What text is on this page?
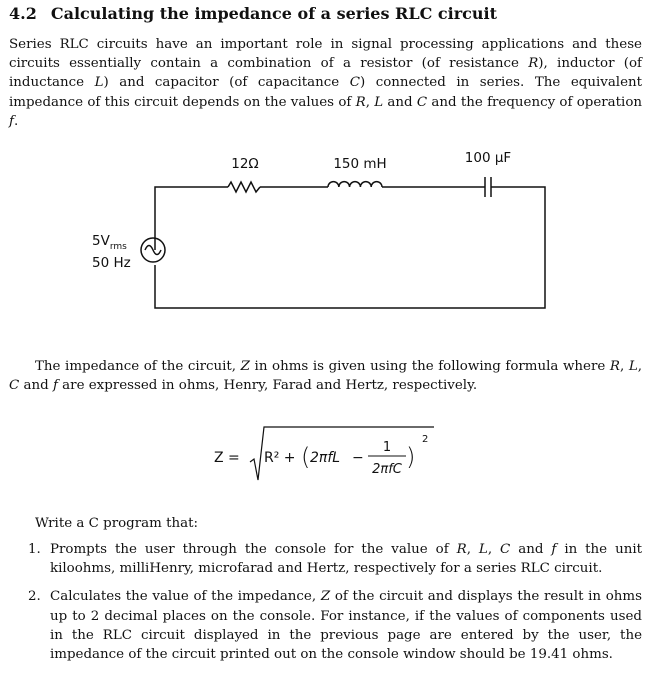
4.2 Calculating the impedance of a series RLC circuit

Series RLC circuits have an important role in signal processing applications and these circuits essentially contain a combination of a resistor (of resistance R), inductor (of inductance L) and capacitor (of capacitance C) connected in series. The equivalent impedance of this circuit depends on the values of R, L and C and the frequency of operation f.

12Ω	150 mH	100 µF
$5V_{rms}$
50 Hz

The impedance of the circuit, Z in ohms is given using the following formula where R, L, C and f are expressed in ohms, Henry, Farad and Hertz, respectively.

Z = R² + ( 2πfL −
1
2πfC )
2

Write a C program that:

1. Prompts the user through the console for the value of R, L, C and f in the unit kiloohms, milliHenry, microfarad and Hertz, respectively for a series RLC circuit.
2. Calculates the value of the impedance, Z of the circuit and displays the result in ohms up to 2 decimal places on the console. For instance, if the values of components used in the RLC circuit displayed in the previous page are entered by the user, the impedance of the circuit printed out on the console window should be 19.41 ohms.
